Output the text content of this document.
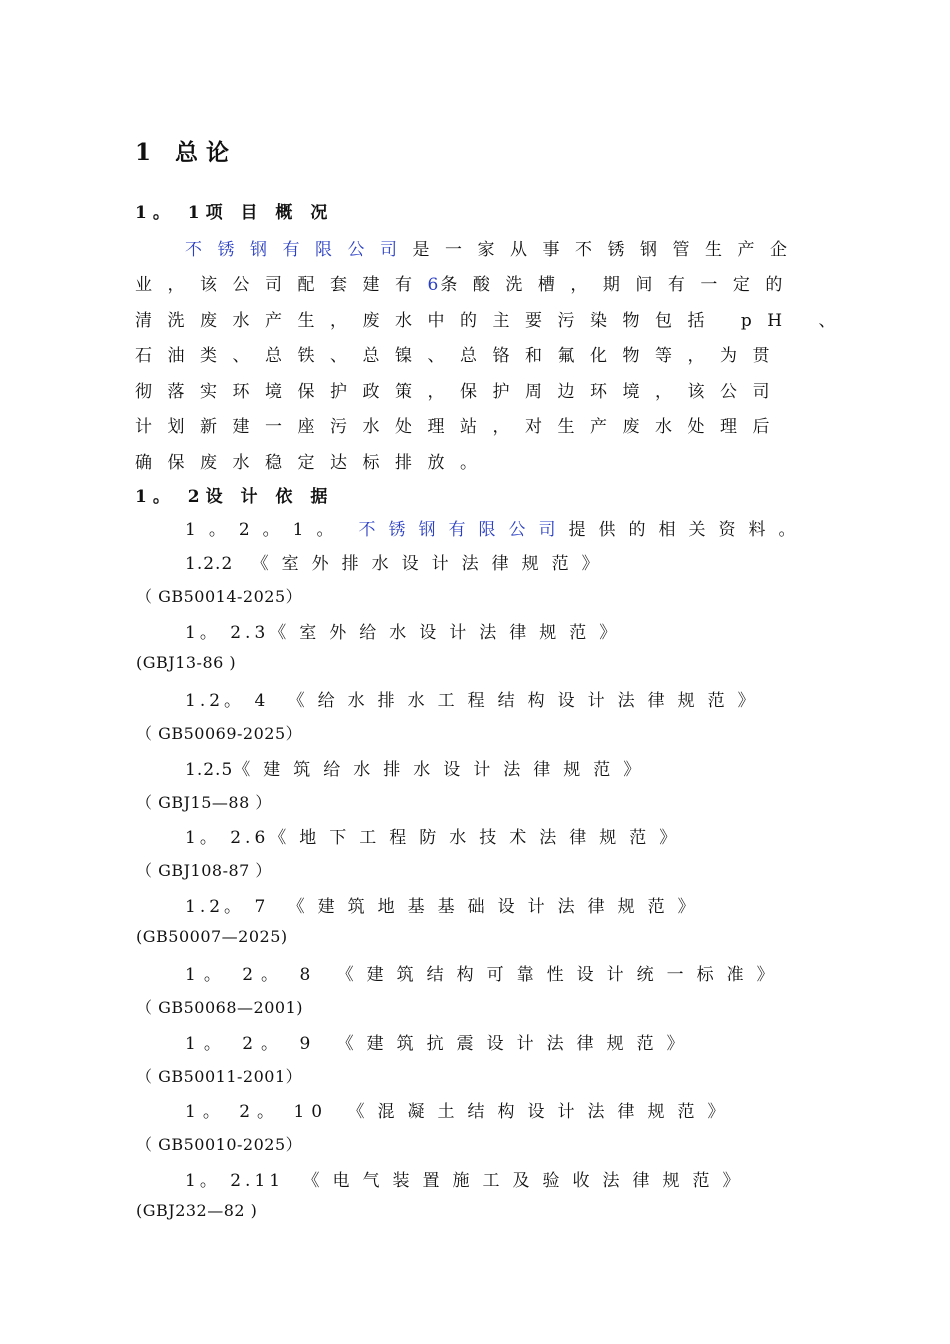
1 总论
1。 1项 目 概 况
不锈钢有限公司是一家从事不锈钢管生产企
业，该公司配套建有6条酸洗槽，期间有一定的
清洗废水产生，废水中的主要污染物包括 pH 、
石油类、总铁、总镍、总铬和氟化物等，为贯
彻落实环境保护政策，保护周边环境，该公司
计划新建一座污水处理站，对生产废水处理后
确保废水稳定达标排放。
1。 2设 计 依 据
1。2。1。 不锈钢有限公司提供的相关资料。
1.2.2 《室外排水设计法律规范》
（ GB50014-2025）
1。 2.3《室外给水设计法律规范》
(GBJ13-86 )
1.2。 4 《给水排水工程结构设计法律规范》
（ GB50069-2025）
1.2.5《建筑给水排水设计法律规范》
（ GBJ15—88 ）
1。 2.6《地下工程防水技术法律规范》
（ GBJ108-87 ）
1.2。 7 《建筑地基基础设计法律规范》
(GB50007—2025)
1。 2。 8 《建筑结构可靠性设计统一标准》
（ GB50068—2001)
1。 2。 9 《建筑抗震设计法律规范》
（ GB50011-2001）
1。 2。 10 《混凝土结构设计法律规范》
（ GB50010-2025）
1。 2.11 《电气装置施工及验收法律规范》
(GBJ232—82 )
